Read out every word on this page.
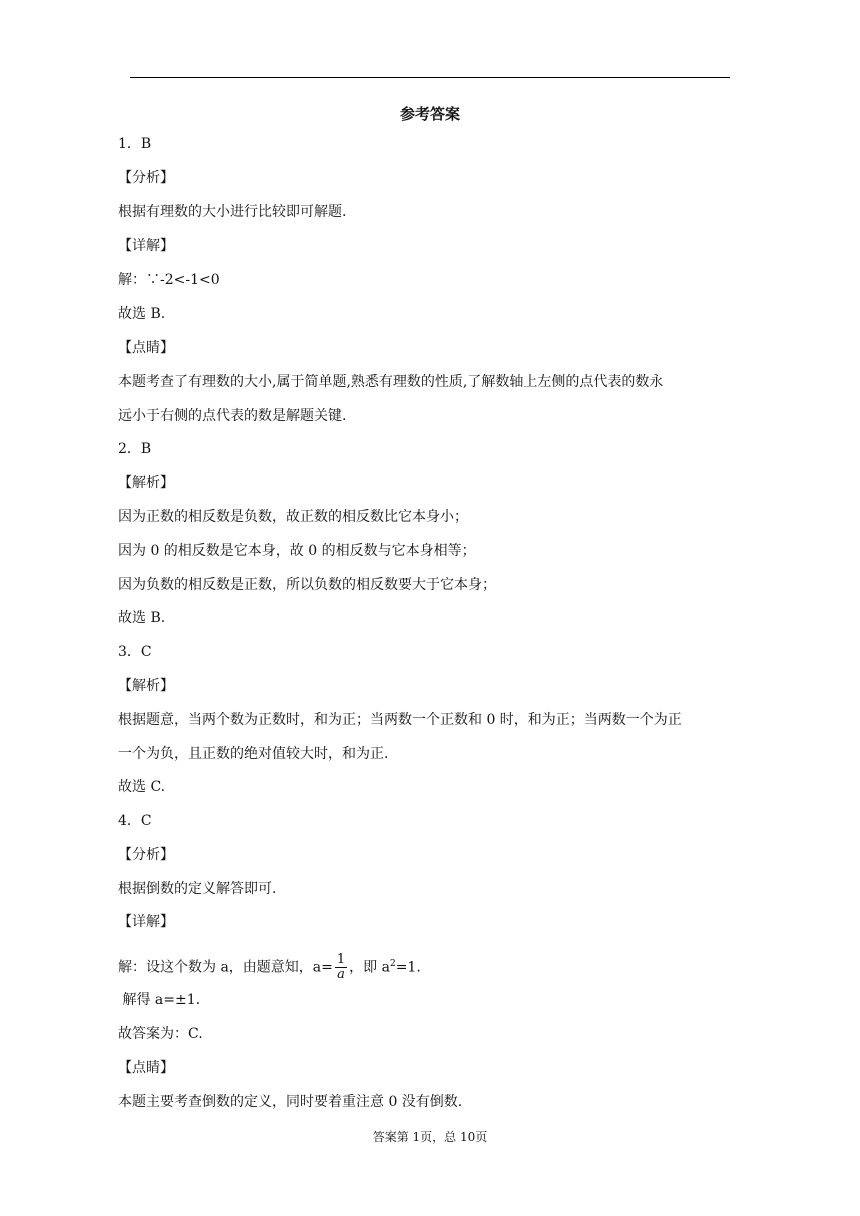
参考答案
1．B
【分析】
根据有理数的大小进行比较即可解题.
【详解】
解：∵-2<-1<0
故选 B.
【点睛】
本题考查了有理数的大小,属于简单题,熟悉有理数的性质,了解数轴上左侧的点代表的数永
远小于右侧的点代表的数是解题关键.
2．B
【解析】
因为正数的相反数是负数，故正数的相反数比它本身小；
因为 0 的相反数是它本身，故 0 的相反数与它本身相等；
因为负数的相反数是正数，所以负数的相反数要大于它本身；
故选 B.
3．C
【解析】
根据题意，当两个数为正数时，和为正；当两数一个正数和 0 时，和为正；当两数一个为正
一个为负，且正数的绝对值较大时，和为正.
故选 C.
4．C
【分析】
根据倒数的定义解答即可.
【详解】
解：设这个数为 a，由题意知，$a= \frac{1}{a}$ ，即 $a^2=1$.
解得 a=±1.
故答案为：C.
【点睛】
本题主要考查倒数的定义，同时要着重注意 0 没有倒数.
答案第 1页，总 10页
